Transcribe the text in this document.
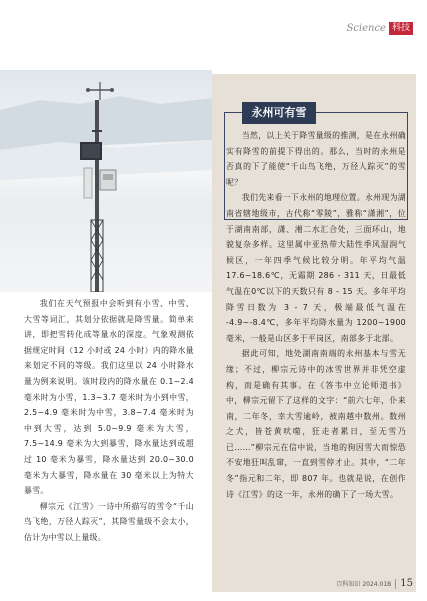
Science 科技
永州可有雪

我们在天气预报中会听到有小雪、中雪、大雪等词汇，其划分依据就是降雪量。简单来讲，即把雪转化成等量水的深度。气象观测依据规定时间（12 小时或 24 小时）内的降水量来划定不同的等级。我们这里以 24 小时降水量为例来说明。该时段内的降水量在 0.1~2.4 毫米时为小雪，1.3~3.7 毫米时为小到中雪，2.5~4.9 毫米时为中雪，3.8~7.4 毫米时为中到大雪，达到 5.0~9.9 毫米为大雪，7.5~14.9 毫米为大到暴雪，降水量达到或超过 10 毫米为暴雪，降水量达到 20.0~30.0 毫米为大暴雪，降水量在 30 毫米以上为特大暴雪。

柳宗元《江雪》一诗中所描写的雪令“千山鸟飞绝，万径人踪灭”，其降雪量级不会太小，估计为中雪以上量级。

当然，以上关于降雪量级的推测，是在永州确实有降雪的前提下得出的。那么，当时的永州是否真的下了能使“千山鸟飞绝，万径人踪灭”的雪呢？

我们先来看一下永州的地理位置。永州现为湖南省辖地级市，古代称“零陵”，雅称“潇湘”，位于湖南南部，潇、湘二水汇合处，三面环山，地貌复杂多样。这里属中亚热带大陆性季风湿润气候区，一年四季气候比较分明。年平均气温 17.6~18.6℃，无霜期 286 - 311 天，日最低气温在0℃以下的天数只有 8 - 15 天。多年平均降雪日数为 3 - 7 天，极端最低气温在 -4.9~-8.4℃，多年平均降水量为 1200~1900 毫米，一般是山区多于平岗区，南部多于北部。

据此可知，地处湖南南端的永州基本与雪无缘；不过，柳宗元诗中的冰雪世界并非凭空虚构，而是确有其事。在《答韦中立论师道书》中，柳宗元留下了这样的文字：“前六七年，仆来南，二年冬，幸大雪逾岭，被南越中数州。数州之犬，皆苍黄吠噬，狂走者累日，至无雪乃已……”柳宗元在信中说，当地的狗因雪大而惊恐不安地狂叫乱窜，一直到雪停才止。其中，“二年冬”指元和二年，即 807 年。也就是说，在创作诗《江雪》的这一年，永州的确下了一场大雪。

百科知识 2024.01B 15
